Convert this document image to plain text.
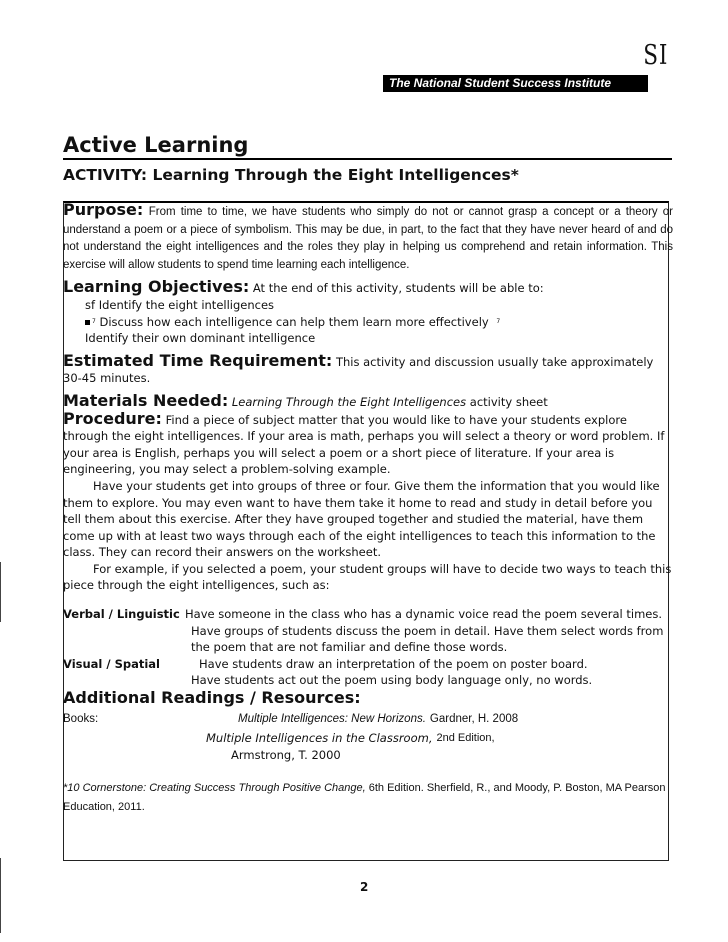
SI
The National Student Success Institute
Active Learning
ACTIVITY: Learning Through the Eight Intelligences*

Purpose: From time to time, we have students who simply do not or cannot grasp a concept or a theory or understand a poem or a piece of symbolism. This may be due, in part, to the fact that they have never heard of and do not understand the eight intelligences and the roles they play in helping us comprehend and retain information. This exercise will allow students to spend time learning each intelligence.

Learning Objectives: At the end of this activity, students will be able to:

sf Identify the eight intelligences

$^7$ Discuss how each intelligence can help them learn more effectively $^7$

Identify their own dominant intelligence

Estimated Time Requirement: This activity and discussion usually take approximately 30-45 minutes.

Materials Needed: Learning Through the Eight Intelligences activity sheet

Procedure: Find a piece of subject matter that you would like to have your students explore through the eight intelligences. If your area is math, perhaps you will select a theory or word problem. If your area is English, perhaps you will select a poem or a short piece of literature. If your area is engineering, you may select a problem-solving example.

Have your students get into groups of three or four. Give them the information that you would like them to explore. You may even want to have them take it home to read and study in detail before you tell them about this exercise. After they have grouped together and studied the material, have them come up with at least two ways through each of the eight intelligences to teach this information to the class. They can record their answers on the worksheet.

For example, if you selected a poem, your student groups will have to decide two ways to teach this piece through the eight intelligences, such as:

Verbal / Linguistic Have someone in the class who has a dynamic voice read the poem several times.

Have groups of students discuss the poem in detail. Have them select words from

the poem that are not familiar and define those words.

Visual / Spatial	Have students draw an interpretation of the poem on poster board.

Have students act out the poem using body language only, no words.

Additional Readings / Resources:

Books:	Multiple Intelligences: New Horizons. Gardner, H. 2008
Multiple Intelligences in the Classroom, 2nd Edition,

Armstrong, T. 2000

*10 Cornerstone: Creating Success Through Positive Change, 6th Edition. Sherfield, R., and Moody, P. Boston, MA Pearson Education, 2011.

2
